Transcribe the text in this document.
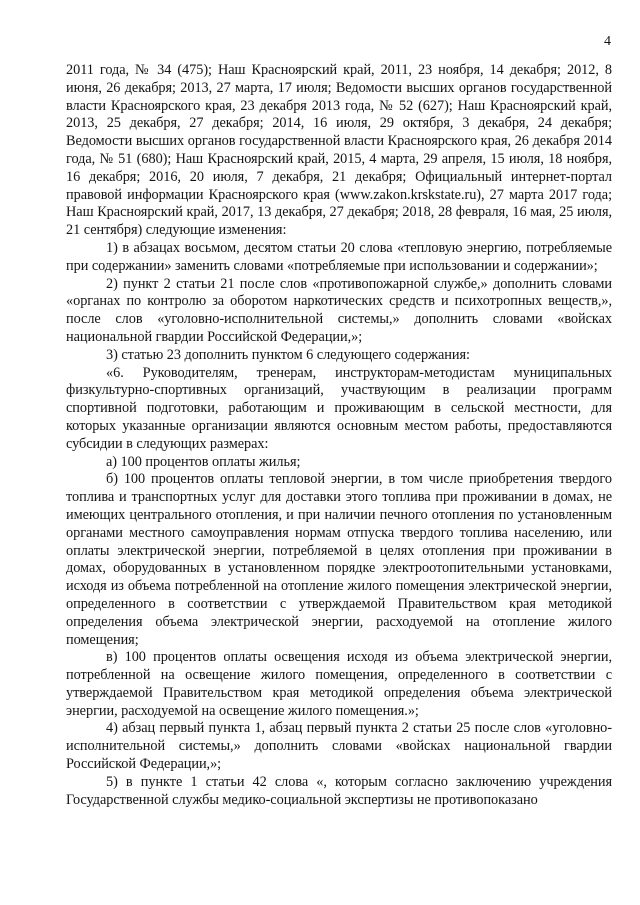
4

2011 года, № 34 (475); Наш Красноярский край, 2011, 23 ноября, 14 декабря; 2012, 8 июня, 26 декабря; 2013, 27 марта, 17 июля; Ведомости высших органов государственной власти Красноярского края, 23 декабря 2013 года, № 52 (627); Наш Красноярский край, 2013, 25 декабря, 27 декабря; 2014, 16 июля, 29 октября, 3 декабря, 24 декабря; Ведомости высших органов государственной власти Красноярского края, 26 декабря 2014 года, № 51 (680); Наш Красноярский край, 2015, 4 марта, 29 апреля, 15 июля, 18 ноября, 16 декабря; 2016, 20 июля, 7 декабря, 21 декабря; Официальный интернет-портал правовой информации Красноярского края (www.zakon.krskstate.ru), 27 марта 2017 года; Наш Красноярский край, 2017, 13 декабря, 27 декабря; 2018, 28 февраля, 16 мая, 25 июля, 21 сентября) следующие изменения:

1) в абзацах восьмом, десятом статьи 20 слова «тепловую энергию, потребляемые при содержании» заменить словами «потребляемые при использовании и содержании»;

2) пункт 2 статьи 21 после слов «противопожарной службе,» дополнить словами «органах по контролю за оборотом наркотических средств и психотропных веществ,», после слов «уголовно-исполнительной системы,» дополнить словами «войсках национальной гвардии Российской Федерации,»;

3) статью 23 дополнить пунктом 6 следующего содержания:

«6. Руководителям, тренерам, инструкторам-методистам муниципальных физкультурно-спортивных организаций, участвующим в реализации программ спортивной подготовки, работающим и проживающим в сельской местности, для которых указанные организации являются основным местом работы, предоставляются субсидии в следующих размерах:

а) 100 процентов оплаты жилья;

б) 100 процентов оплаты тепловой энергии, в том числе приобретения твердого топлива и транспортных услуг для доставки этого топлива при проживании в домах, не имеющих центрального отопления, и при наличии печного отопления по установленным органами местного самоуправления нормам отпуска твердого топлива населению, или оплаты электрической энергии, потребляемой в целях отопления при проживании в домах, оборудованных в установленном порядке электроотопительными установками, исходя из объема потребленной на отопление жилого помещения электрической энергии, определенного в соответствии с утверждаемой Правительством края методикой определения объема электрической энергии, расходуемой на отопление жилого помещения;

в) 100 процентов оплаты освещения исходя из объема электрической энергии, потребленной на освещение жилого помещения, определенного в соответствии с утверждаемой Правительством края методикой определения объема электрической энергии, расходуемой на освещение жилого помещения.»;

4) абзац первый пункта 1, абзац первый пункта 2 статьи 25 после слов «уголовно-исполнительной системы,» дополнить словами «войсках национальной гвардии Российской Федерации,»;

5) в пункте 1 статьи 42 слова «, которым согласно заключению учреждения Государственной службы медико-социальной экспертизы не противопоказано
